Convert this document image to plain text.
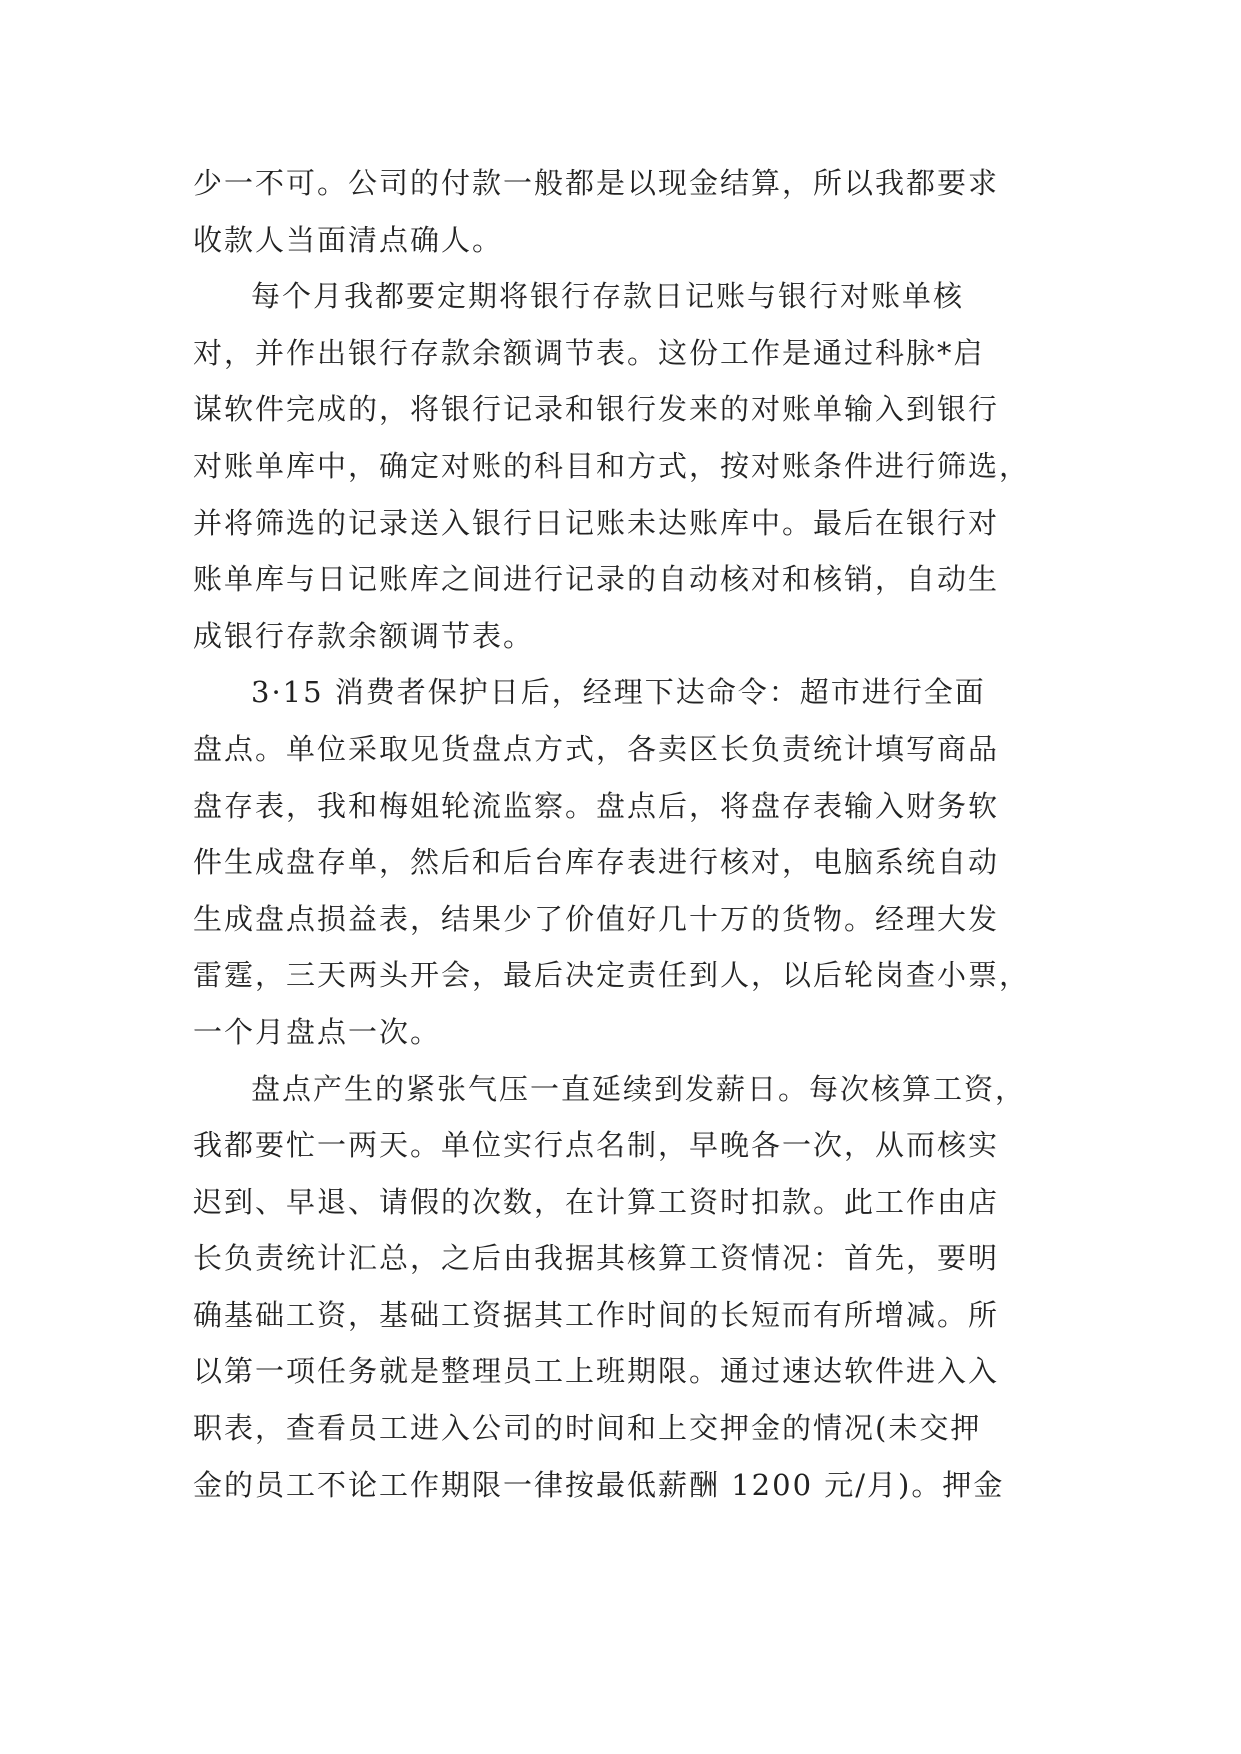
少一不可。公司的付款一般都是以现金结算，所以我都要求
收款人当面清点确人。
每个月我都要定期将银行存款日记账与银行对账单核
对，并作出银行存款余额调节表。这份工作是通过科脉*启
谋软件完成的，将银行记录和银行发来的对账单输入到银行
对账单库中，确定对账的科目和方式，按对账条件进行筛选，
并将筛选的记录送入银行日记账未达账库中。最后在银行对
账单库与日记账库之间进行记录的自动核对和核销，自动生
成银行存款余额调节表。
3·15 消费者保护日后，经理下达命令：超市进行全面
盘点。单位采取见货盘点方式，各卖区长负责统计填写商品
盘存表，我和梅姐轮流监察。盘点后，将盘存表输入财务软
件生成盘存单，然后和后台库存表进行核对，电脑系统自动
生成盘点损益表，结果少了价值好几十万的货物。经理大发
雷霆，三天两头开会，最后决定责任到人，以后轮岗查小票，
一个月盘点一次。
盘点产生的紧张气压一直延续到发薪日。每次核算工资，
我都要忙一两天。单位实行点名制，早晚各一次，从而核实
迟到、早退、请假的次数，在计算工资时扣款。此工作由店
长负责统计汇总，之后由我据其核算工资情况：首先，要明
确基础工资，基础工资据其工作时间的长短而有所增减。所
以第一项任务就是整理员工上班期限。通过速达软件进入入
职表，查看员工进入公司的时间和上交押金的情况(未交押
金的员工不论工作期限一律按最低薪酬 1200 元/月)。押金
